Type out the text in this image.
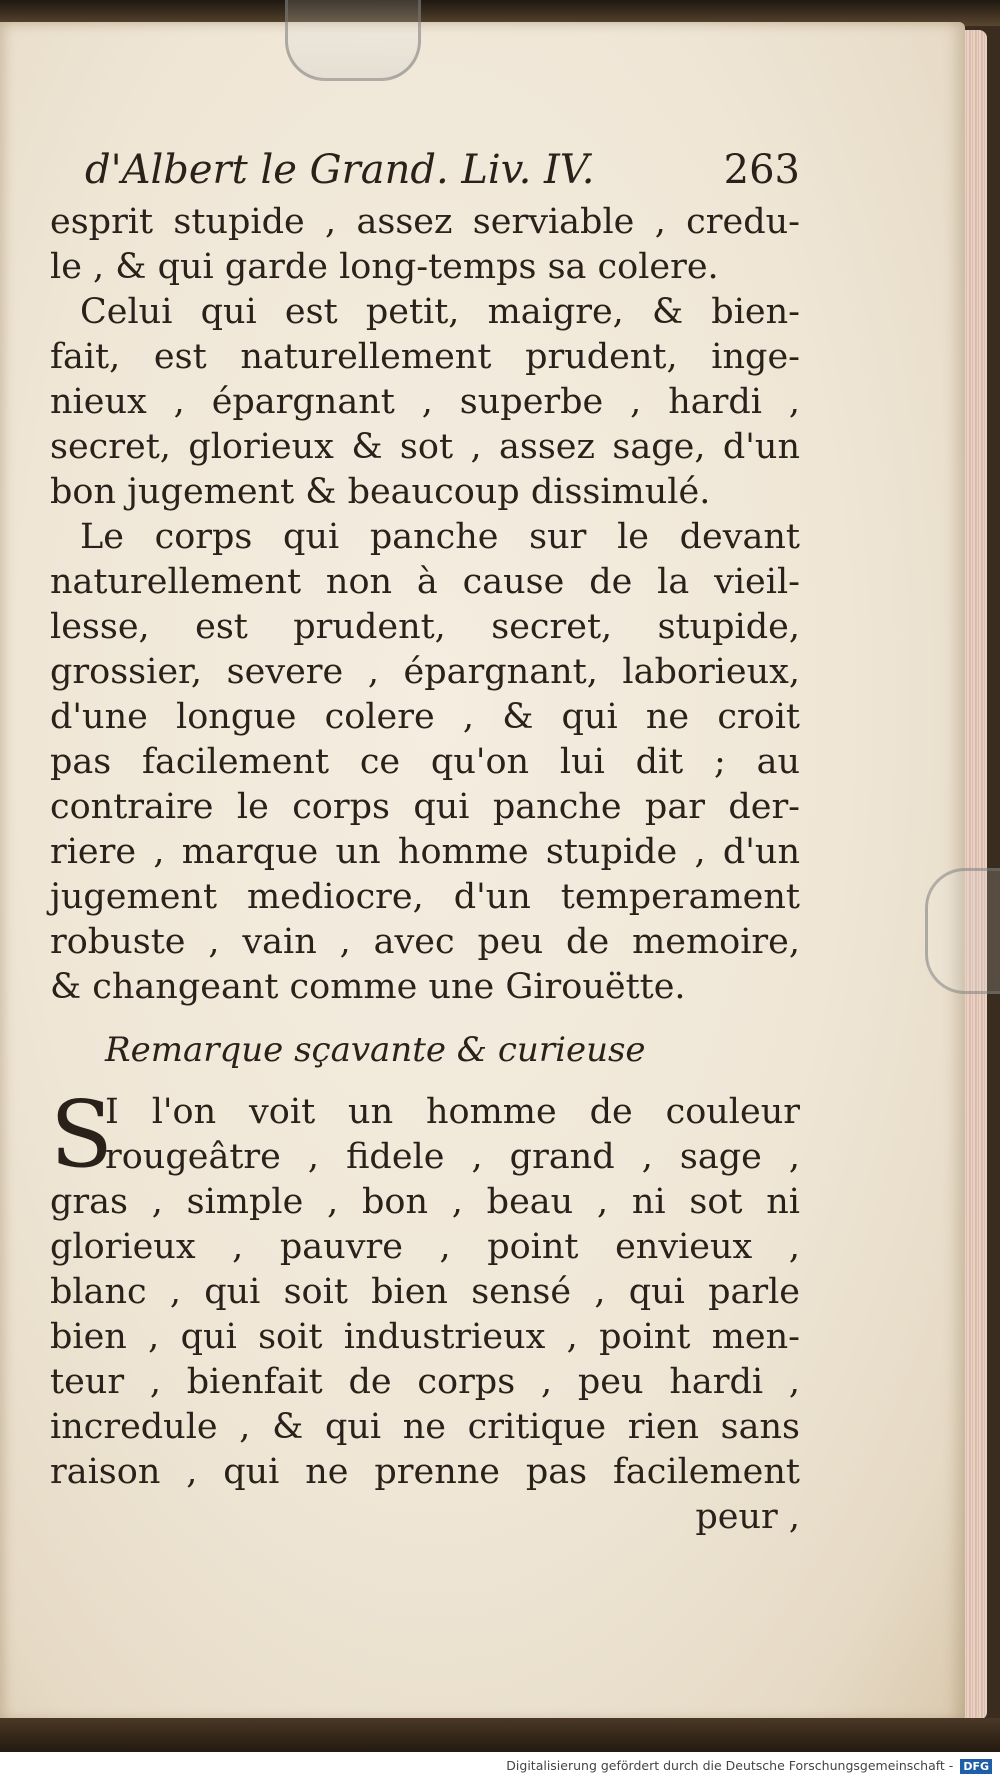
d'Albert le Grand. Liv. IV.	263
esprit stupide , assez serviable , credu-
le , & qui garde long-temps sa colere.
Celui qui est petit, maigre, & bien-
fait, est naturellement prudent, inge-
nieux , épargnant , superbe , hardi ,
secret, glorieux & sot , assez sage, d'un
bon jugement & beaucoup dissimulé.
Le corps qui panche sur le devant
naturellement non à cause de la vieil-
lesse, est prudent, secret, stupide,
grossier, severe , épargnant, laborieux,
d'une longue colere , & qui ne croit
pas facilement ce qu'on lui dit ; au
contraire le corps qui panche par der-
riere , marque un homme stupide , d'un
jugement mediocre, d'un temperament
robuste , vain , avec peu de memoire,
& changeant comme une Girouëtte.
Remarque sçavante & curieuse
S
I l'on voit un homme de couleur
rougeâtre , fidele , grand , sage ,
gras , simple , bon , beau , ni sot ni
glorieux , pauvre , point envieux ,
blanc , qui soit bien sensé , qui parle
bien , qui soit industrieux , point men-
teur , bienfait de corps , peu hardi ,
incredule , & qui ne critique rien sans
raison , qui ne prenne pas facilement
peur ,
Digitalisierung gefördert durch die Deutsche Forschungsgemeinschaft - DFG
